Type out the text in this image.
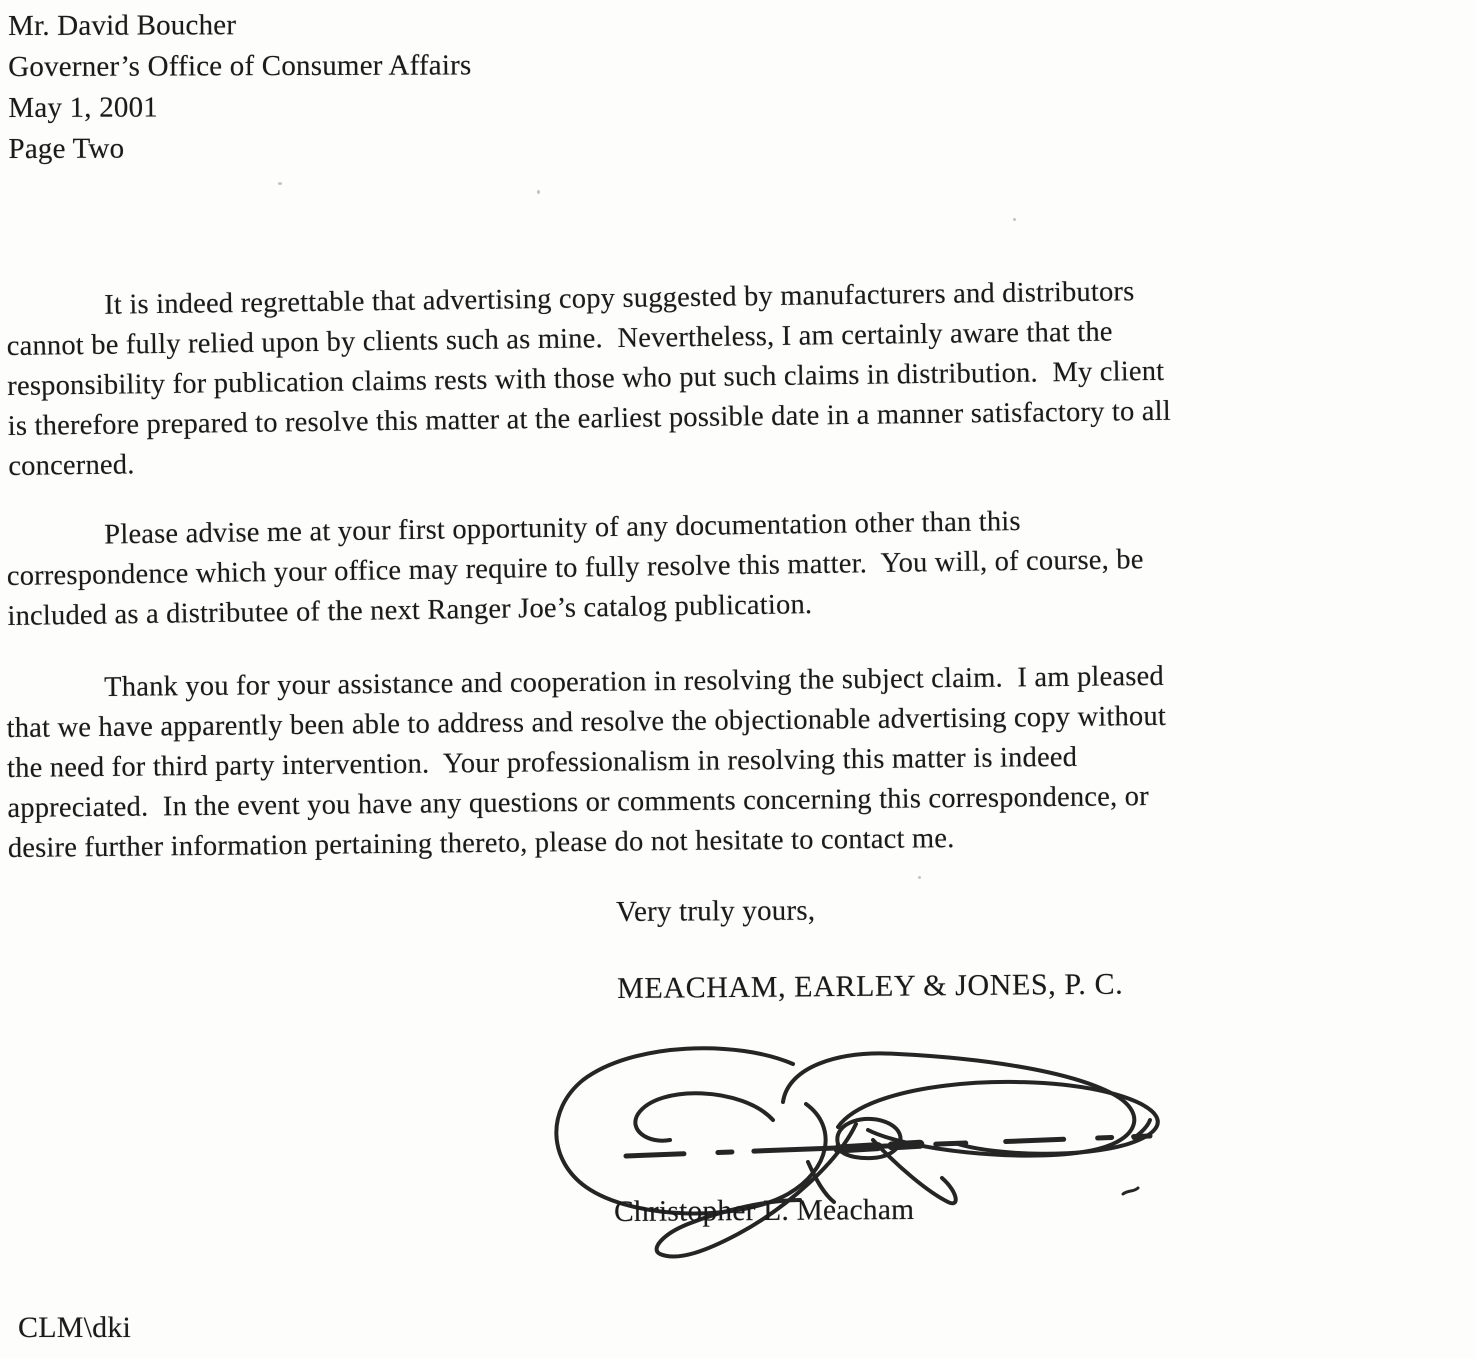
Mr. David Boucher
Governer’s Office of Consumer Affairs
May 1, 2001
Page Two

It is indeed regrettable that advertising copy suggested by manufacturers and distributors cannot be fully relied upon by clients such as mine.  Nevertheless, I am certainly aware that the responsibility for publication claims rests with those who put such claims in distribution.  My client is therefore prepared to resolve this matter at the earliest possible date in a manner satisfactory to all concerned.

Please advise me at your first opportunity of any documentation other than this correspondence which your office may require to fully resolve this matter.  You will, of course, be included as a distributee of the next Ranger Joe’s catalog publication.

Thank you for your assistance and cooperation in resolving the subject claim.  I am pleased that we have apparently been able to address and resolve the objectionable advertising copy without the need for third party intervention.  Your professionalism in resolving this matter is indeed appreciated.  In the event you have any questions or comments concerning this correspondence, or desire further information pertaining thereto, please do not hesitate to contact me.

Very truly yours,
MEACHAM, EARLEY & JONES, P. C.
Christopher L. Meacham
CLM\dki
